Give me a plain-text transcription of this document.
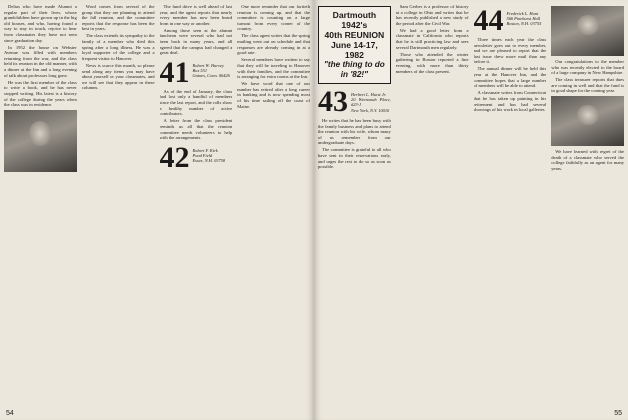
Deltas who have made Alumni a regular part of their lives, whose grandchildren have grown up in the big old houses, and who, having found a way to stay in touch, rejoice to hear from classmates they have not seen since graduation day.

In 1952 the house on Webster Avenue was filled with members returning from the war, and the class held its reunion in the old manner, with a dinner at the Inn and a long evening of talk about professors long gone.

He was the first member of the class to write a book, and he has never stopped writing. His latest is a history of the college during the years when the class was in residence.

Word comes from several of the group that they are planning to attend the fall reunion, and the committee reports that the response has been the best in years.

The class extends its sympathy to the family of a member who died this spring after a long illness. He was a loyal supporter of the college and a frequent visitor to Hanover.

News is scarce this month, so please send along any items you may have about yourself or your classmates, and we will see that they appear in these columns.

The fund drive is well ahead of last year, and the agent reports that nearly every member has now been heard from in one way or another.

Among those seen at the alumni luncheon were several who had not been back in many years, and all agreed that the campus had changed a great deal.

41 Robert W. Harvey
Box 551
Gaines, Conn. 06426

As of the end of January, the class had lost only a handful of members since the last report, and the rolls show a healthy number of active contributors.

A letter from the class president reminds us all that the reunion committee needs volunteers to help with the arrangements.

42 Robert F. Kirk
Pond Field
Essex, N.H. 03758

One more reminder that our fortieth reunion is coming up, and that the committee is counting on a large turnout from every corner of the country.

The class agent writes that the spring mailing went out on schedule and that responses are already coming in at a good rate.

Several members have written to say that they will be traveling to Hanover with their families, and the committee is arranging for extra rooms at the Inn.

We have word that one of our number has retired after a long career in banking and is now spending most of his time sailing off the coast of Maine.

54
Dartmouth 1942's
40th REUNION
June 14-17, 1982
"the thing to do in '82!"
43 Herbert L. Hurst Jr.
20 Weenonah Place, #23-J
New York, N.Y. 10016

He writes that he has been busy with the family business and plans to attend the reunion with his wife, whom many of us remember from our undergraduate days.

The committee is grateful to all who have sent in their reservations early, and urges the rest to do so as soon as possible.

Sam Gerber is a professor of history at a college in Ohio and writes that he has recently published a new study of the period after the Civil War.

We had a good letter from a classmate in California who reports that he is still practicing law and sees several Dartmouth men regularly.

Those who attended the winter gathering in Boston reported a fine evening, with more than thirty members of the class present.

44 Frederick L. Hunt
566 Pinehurst Hall
Boston, N.H. 03755

Three times each year the class newsletter goes out to every member, and we are pleased to report that the last issue drew more mail than any before it.

The annual dinner will be held this year at the Hanover Inn, and the committee hopes that a large number of members will be able to attend.

A classmate writes from Connecticut that he has taken up painting in his retirement and has had several showings of his work in local galleries.

Our congratulations to the member who was recently elected to the board of a large company in New Hampshire.

The class treasurer reports that dues are coming in well and that the fund is in good shape for the coming year.

We have learned with regret of the death of a classmate who served the college faithfully as an agent for many years.

55
